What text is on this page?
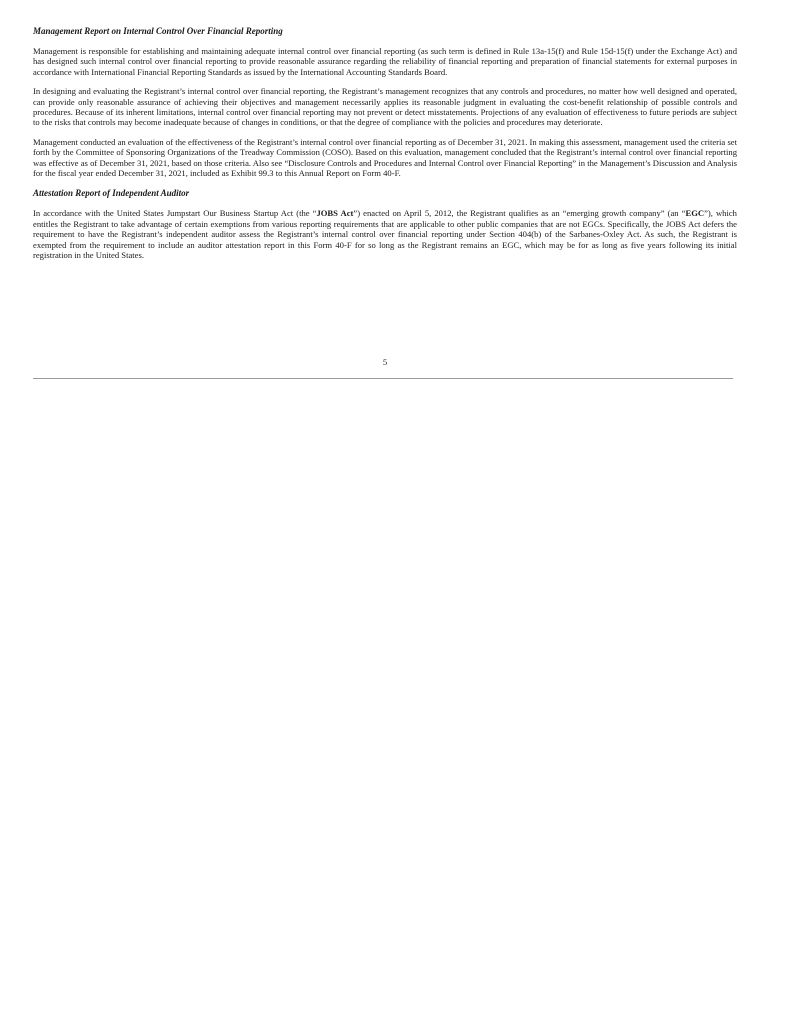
Management Report on Internal Control Over Financial Reporting

Management is responsible for establishing and maintaining adequate internal control over financial reporting (as such term is defined in Rule 13a-15(f) and Rule 15d-15(f) under the Exchange Act) and has designed such internal control over financial reporting to provide reasonable assurance regarding the reliability of financial reporting and preparation of financial statements for external purposes in accordance with International Financial Reporting Standards as issued by the International Accounting Standards Board.

In designing and evaluating the Registrant’s internal control over financial reporting, the Registrant’s management recognizes that any controls and procedures, no matter how well designed and operated, can provide only reasonable assurance of achieving their objectives and management necessarily applies its reasonable judgment in evaluating the cost-benefit relationship of possible controls and procedures. Because of its inherent limitations, internal control over financial reporting may not prevent or detect misstatements. Projections of any evaluation of effectiveness to future periods are subject to the risks that controls may become inadequate because of changes in conditions, or that the degree of compliance with the policies and procedures may deteriorate.

Management conducted an evaluation of the effectiveness of the Registrant’s internal control over financial reporting as of December 31, 2021. In making this assessment, management used the criteria set forth by the Committee of Sponsoring Organizations of the Treadway Commission (COSO). Based on this evaluation, management concluded that the Registrant’s internal control over financial reporting was effective as of December 31, 2021, based on those criteria. Also see “Disclosure Controls and Procedures and Internal Control over Financial Reporting” in the Management’s Discussion and Analysis for the fiscal year ended December 31, 2021, included as Exhibit 99.3 to this Annual Report on Form 40-F.

Attestation Report of Independent Auditor

In accordance with the United States Jumpstart Our Business Startup Act (the “JOBS Act”) enacted on April 5, 2012, the Registrant qualifies as an “emerging growth company” (an “EGC”), which entitles the Registrant to take advantage of certain exemptions from various reporting requirements that are applicable to other public companies that are not EGCs. Specifically, the JOBS Act defers the requirement to have the Registrant’s independent auditor assess the Registrant’s internal control over financial reporting under Section 404(b) of the Sarbanes-Oxley Act. As such, the Registrant is exempted from the requirement to include an auditor attestation report in this Form 40-F for so long as the Registrant remains an EGC, which may be for as long as five years following its initial registration in the United States.

5
